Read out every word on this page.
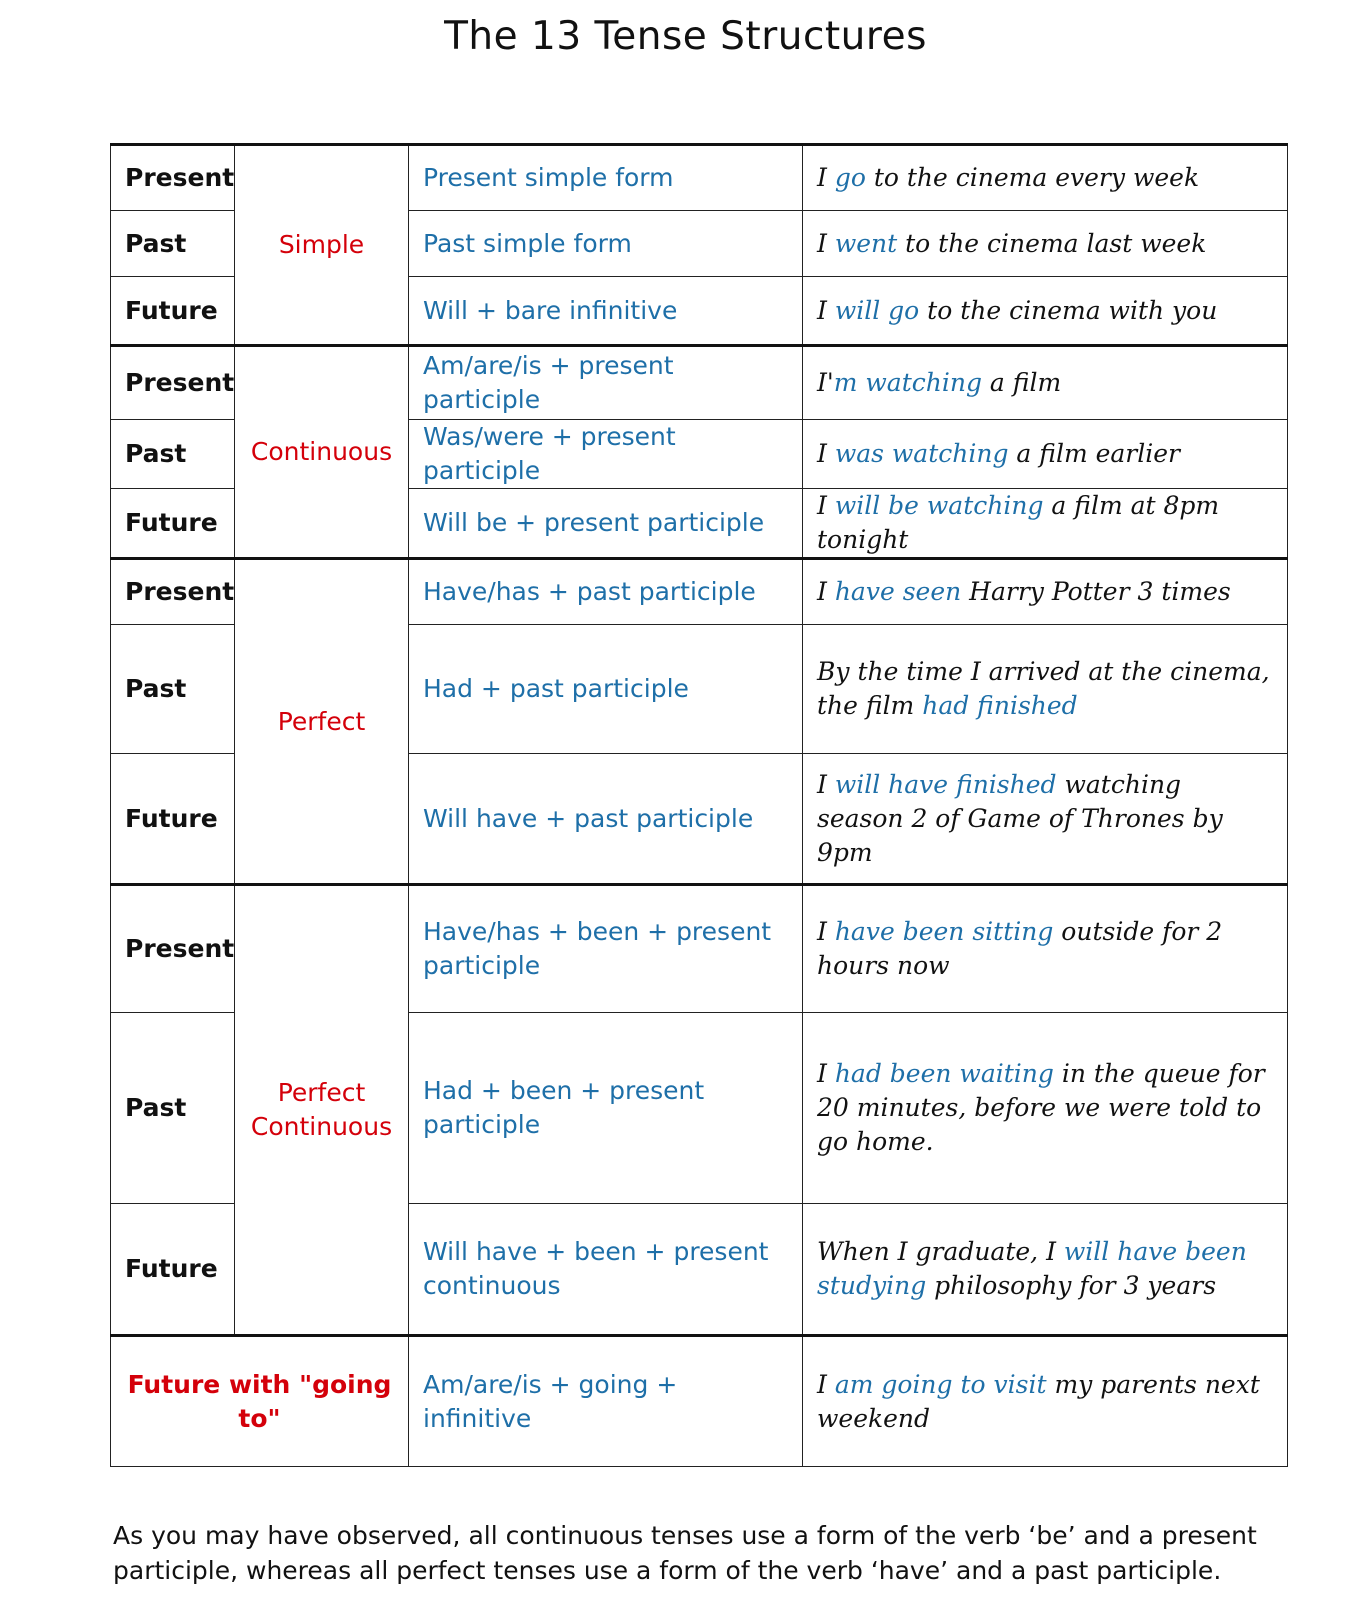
The 13 Tense Structures
Present	Simple	Present simple form	I go to the cinema every week
Past		Past simple form	I went to the cinema last week
Future		Will + bare infinitive	I will go to the cinema with you
Present	Continuous	Am/are/is + present participle	I'm watching a film
Past		Was/were + present participle	I was watching a film earlier
Future		Will be + present participle	I will be watching a film at 8pm tonight
Present	Perfect	Have/has + past participle	I have seen Harry Potter 3 times
Past		Had + past participle	By the time I arrived at the cinema, the film had finished
Future		Will have + past participle	I will have finished watching season 2 of Game of Thrones by 9pm
Present	Perfect Continuous	Have/has + been + present participle	I have been sitting outside for 2 hours now
Past		Had + been + present participle	I had been waiting in the queue for 20 minutes, before we were told to go home.
Future		Will have + been + present continuous	When I graduate, I will have been studying philosophy for 3 years
Future with "going to"		Am/are/is + going + infinitive	I am going to visit my parents next weekend
As you may have observed, all continuous tenses use a form of the verb ‘be’ and a present participle, whereas all perfect tenses use a form of the verb ‘have’ and a past participle.
